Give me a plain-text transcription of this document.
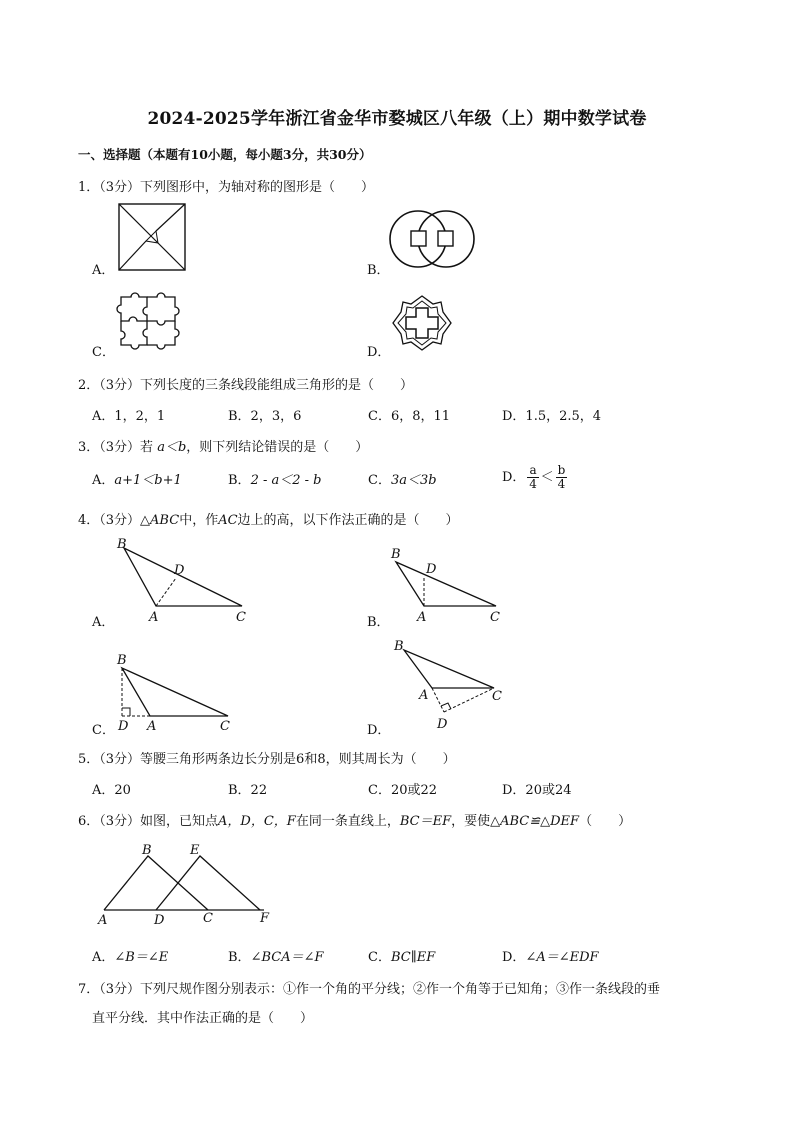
2024-2025学年浙江省金华市婺城区八年级（上）期中数学试卷
一、选择题（本题有10小题，每小题3分，共30分）
1．（3分）下列图形中，为轴对称的图形是（　　）
A．	B．
C．	D．
2．（3分）下列长度的三条线段能组成三角形的是（　　）
A．1，2，1	B．2，3，6	C．6，8，11	D．1.5，2.5，4
3．（3分）若 a＜b，则下列结论错误的是（　　）
A．a+1＜b+1	B．2 - a＜2 - b	C．3a＜3b	D． $\frac{a}{4} < \frac{b}{4}$
4．（3分）△ABC中，作AC边上的高，以下作法正确的是（　　）
B
D
A	C
A．
B
D
A	C
B．
B
D A	C
C．
B
A	C
D
D．
5．（3分）等腰三角形两条边长分别是6和8，则其周长为（　　）
A．20	B．22	C．20或22	D．20或24
6．（3分）如图，已知点A，D，C，F在同一条直线上，BC＝EF，要使△ABC≌△DEF（　　）
B	E
A	D	C	F
A．∠B＝∠E	B．∠BCA＝∠F	C．BC∥EF	D．∠A＝∠EDF
7．（3分）下列尺规作图分别表示：①作一个角的平分线；②作一个角等于已知角；③作一条线段的垂
直平分线．其中作法正确的是（　　）
